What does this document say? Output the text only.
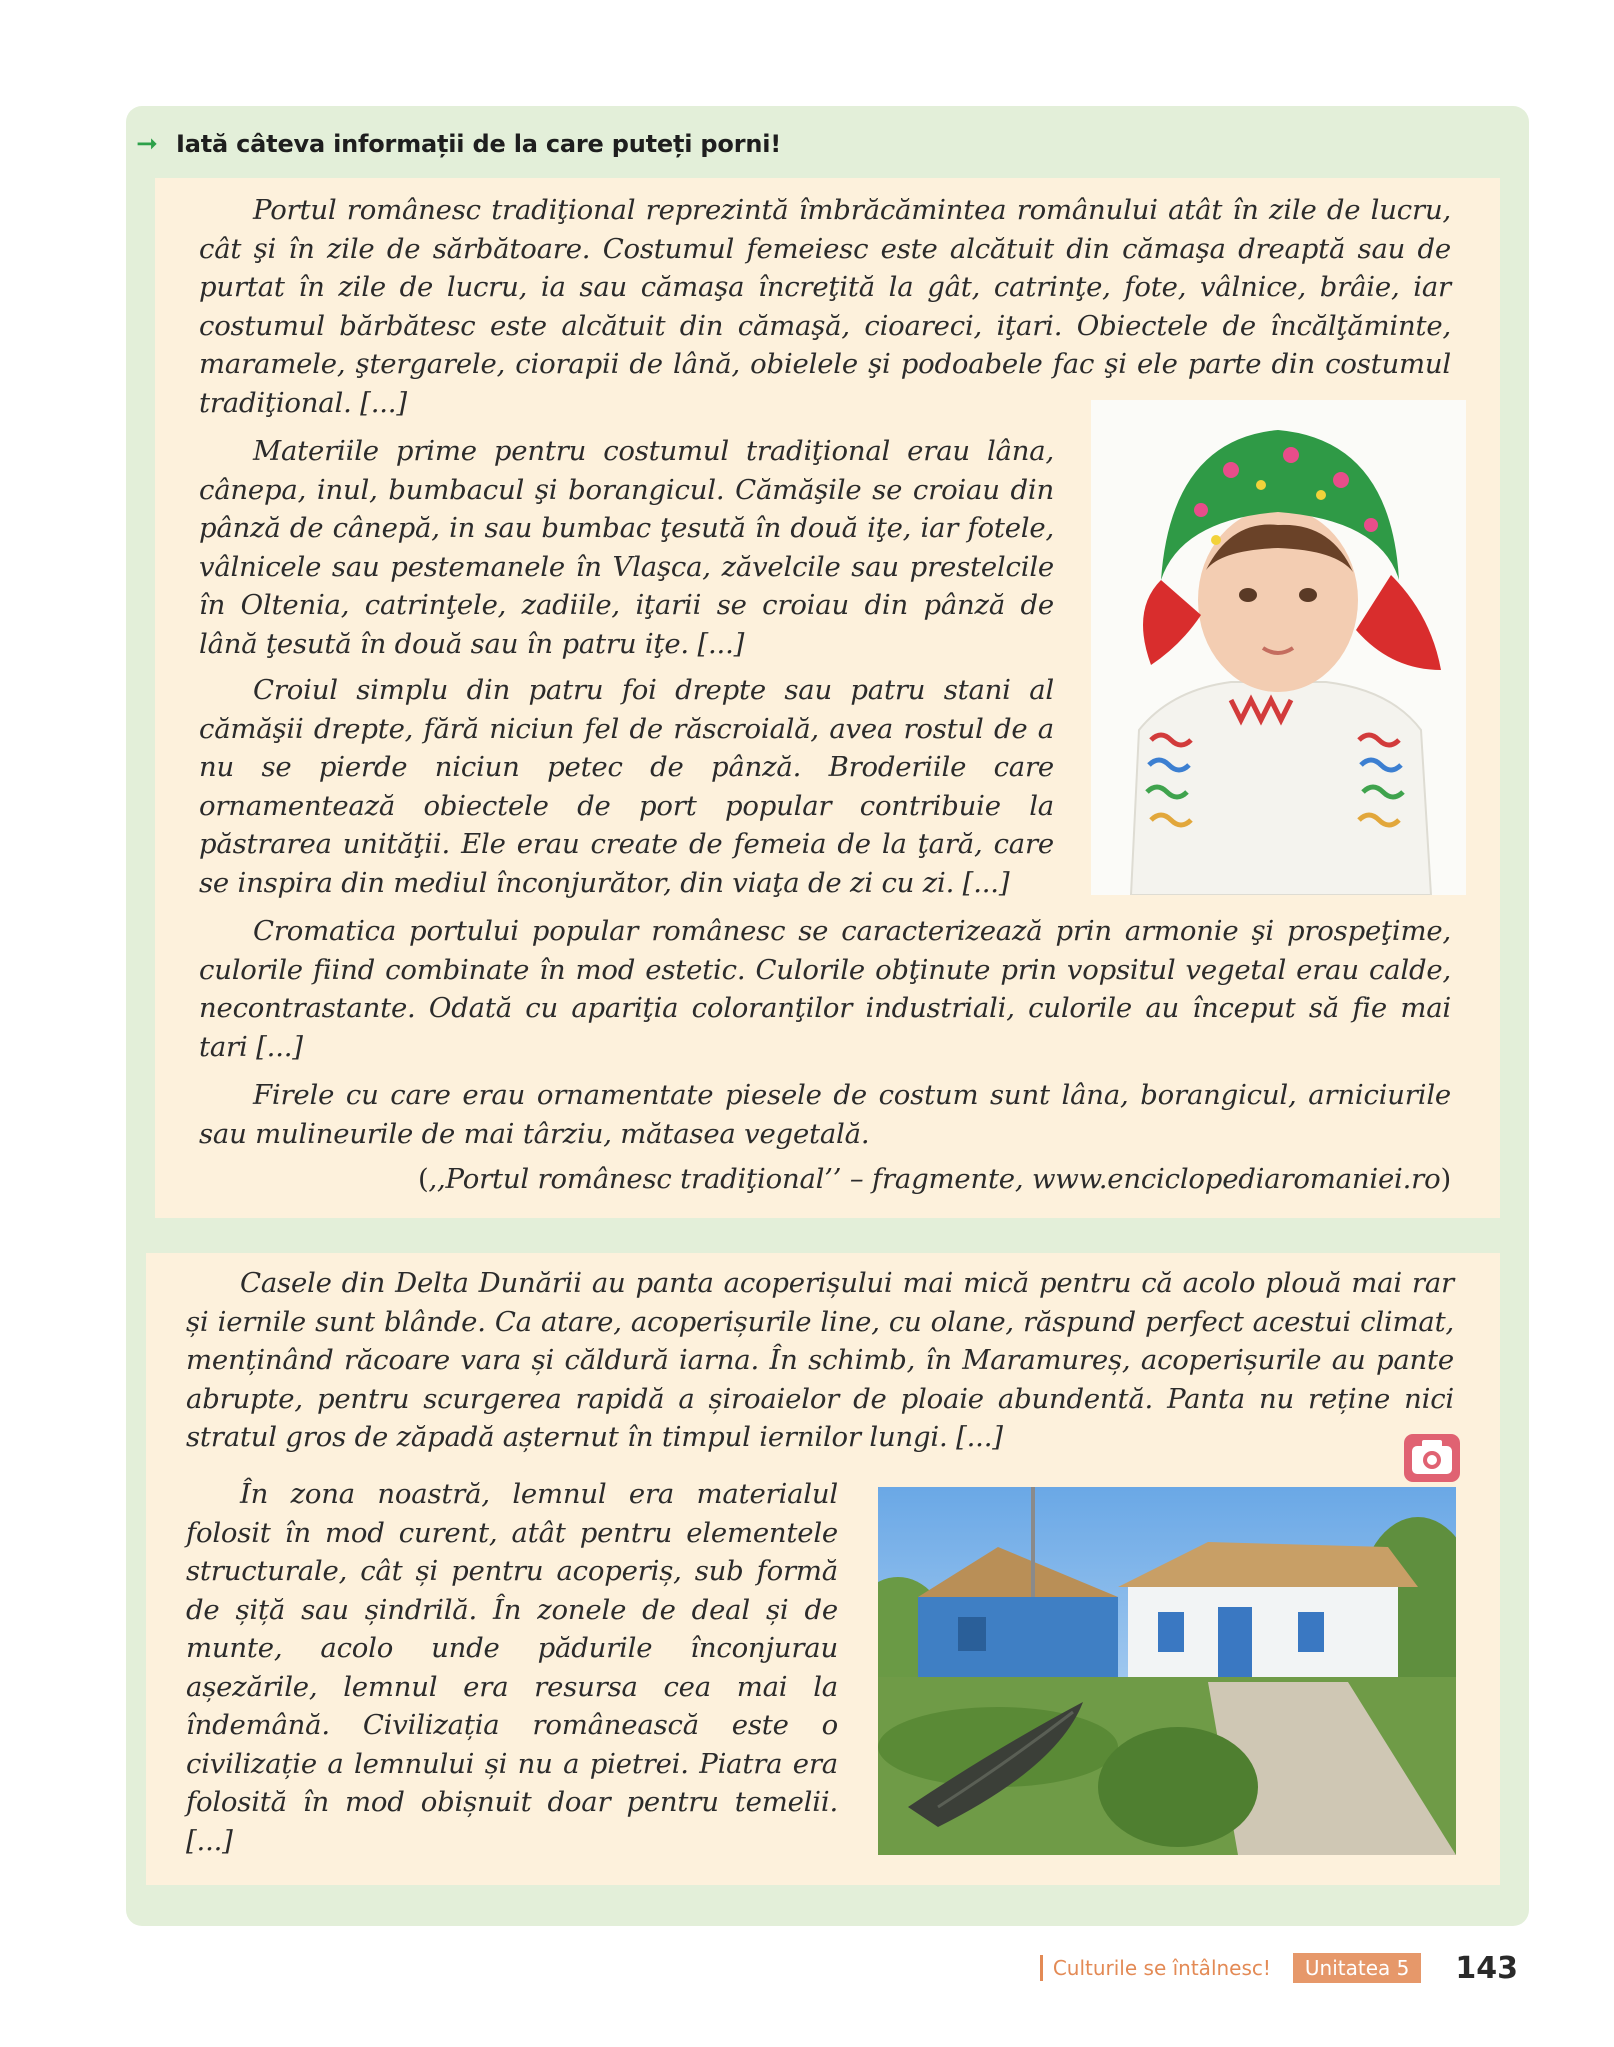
➞ Iată câteva informații de la care puteți porni!

Portul românesc tradiţional reprezintă îmbrăcămintea românului atât în zile de lucru, cât şi în zile de sărbătoare. Costumul femeiesc este alcătuit din cămaşa dreaptă sau de purtat în zile de lucru, ia sau cămaşa încreţită la gât, catrinţe, fote, vâlnice, brâie, iar costumul bărbătesc este alcătuit din cămaşă, cioareci, iţari. Obiectele de încălţăminte, maramele, ştergarele, ciorapii de lână, obielele şi podoabele fac şi ele parte din costumul tradiţional. [...]

Materiile prime pentru costumul tradiţional erau lâna, cânepa, inul, bumbacul şi borangicul. Cămăşile se croiau din pânză de cânepă, in sau bumbac ţesută în două iţe, iar fotele, vâlnicele sau pestemanele în Vlaşca, zăvelcile sau prestelcile în Oltenia, catrinţele, zadiile, iţarii se croiau din pânză de lână ţesută în două sau în patru iţe. [...]

Croiul simplu din patru foi drepte sau patru stani al cămăşii drepte, fără niciun fel de răscroială, avea rostul de a nu se pierde niciun petec de pânză. Broderiile care ornamentează obiectele de port popular contribuie la păstrarea unităţii. Ele erau create de femeia de la ţară, care se inspira din mediul înconjurător, din viaţa de zi cu zi. [...]

Cromatica portului popular românesc se caracterizează prin armonie şi prospeţime, culorile fiind combinate în mod estetic. Culorile obţinute prin vopsitul vegetal erau calde, necontrastante. Odată cu apariţia coloranţilor industriali, culorile au început să fie mai tari [...]

Firele cu care erau ornamentate piesele de costum sunt lâna, borangicul, arniciurile sau mulineurile de mai târziu, mătasea vegetală.

(,,Portul românesc tradiţional’’ – fragmente, www.enciclopediaromaniei.ro)

Casele din Delta Dunării au panta acoperișului mai mică pentru că acolo plouă mai rar și iernile sunt blânde. Ca atare, acoperișurile line, cu olane, răspund perfect acestui climat, menținând răcoare vara și căldură iarna. În schimb, în Maramureș, acoperișurile au pante abrupte, pentru scurgerea rapidă a șiroaielor de ploaie abundentă. Panta nu reține nici stratul gros de zăpadă așternut în timpul iernilor lungi. [...]

În zona noastră, lemnul era materialul folosit în mod curent, atât pentru elementele structurale, cât și pentru acoperiș, sub formă de șiță sau șindrilă. În zonele de deal și de munte, acolo unde pădurile înconjurau așezările, lemnul era resursa cea mai la îndemână. Civilizația românească este o civilizație a lemnului și nu a pietrei. Piatra era folosită în mod obișnuit doar pentru temelii. [...]

Culturile se întâlnesc!	Unitatea 5	143
